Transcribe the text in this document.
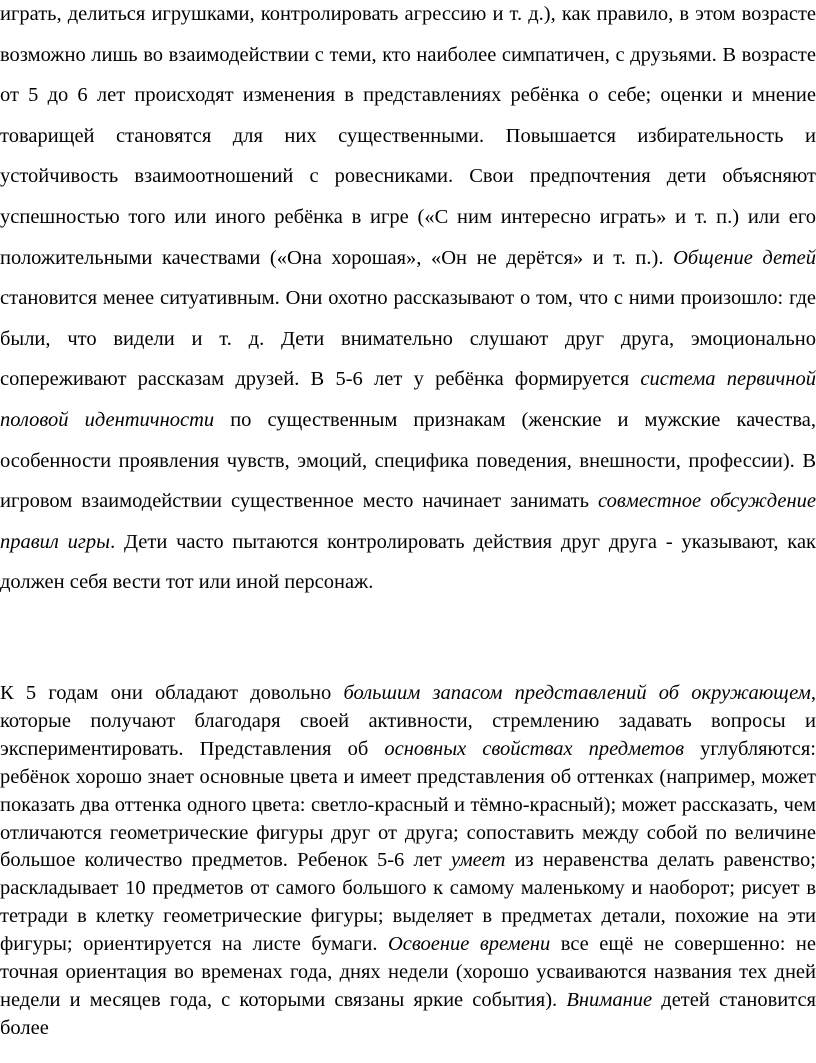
играть, делиться игрушками, контролировать агрессию и т. д.), как правило, в этом возрасте возможно лишь во взаимодействии с теми, кто наиболее симпатичен, с друзьями. В возрасте от 5 до 6 лет происходят изменения в представлениях ребёнка о себе; оценки и мнение товарищей становятся для них существенными. Повышается избирательность и устойчивость взаимоотношений с ровесниками. Свои предпочтения дети объясняют успешностью того или иного ребёнка в игре («С ним интересно играть» и т. п.) или его положительными качествами («Она хорошая», «Он не дерётся» и т. п.). Общение детей становится менее ситуативным. Они охотно рассказывают о том, что с ними произошло: где были, что видели и т. д. Дети внимательно слушают друг друга, эмоционально сопереживают рассказам друзей. В 5-6 лет у ребёнка формируется система первичной половой идентичности по существенным признакам (женские и мужские качества, особенности проявления чувств, эмоций, специфика поведения, внешности, профессии). В игровом взаимодействии существенное место начинает занимать совместное обсуждение правил игры. Дети часто пытаются контролировать действия друг друга - указывают, как должен себя вести тот или иной персонаж.

К 5 годам они обладают довольно большим запасом представлений об окружающем, которые получают благодаря своей активности, стремлению задавать вопросы и экспериментировать. Представления об основных свойствах предметов углубляются: ребёнок хорошо знает основные цвета и имеет представления об оттенках (например, может показать два оттенка одного цвета: светло-красный и тёмно-красный); может рассказать, чем отличаются геометрические фигуры друг от друга; сопоставить между собой по величине большое количество предметов. Ребенок 5-6 лет умеет из неравенства делать равенство; раскладывает 10 предметов от самого большого к самому маленькому и наоборот; рисует в тетради в клетку геометрические фигуры; выделяет в предметах детали, похожие на эти фигуры; ориентируется на листе бумаги. Освоение времени все ещё не совершенно: не точная ориентация во временах года, днях недели (хорошо усваиваются названия тех дней недели и месяцев года, с которыми связаны яркие события). Внимание детей становится более
